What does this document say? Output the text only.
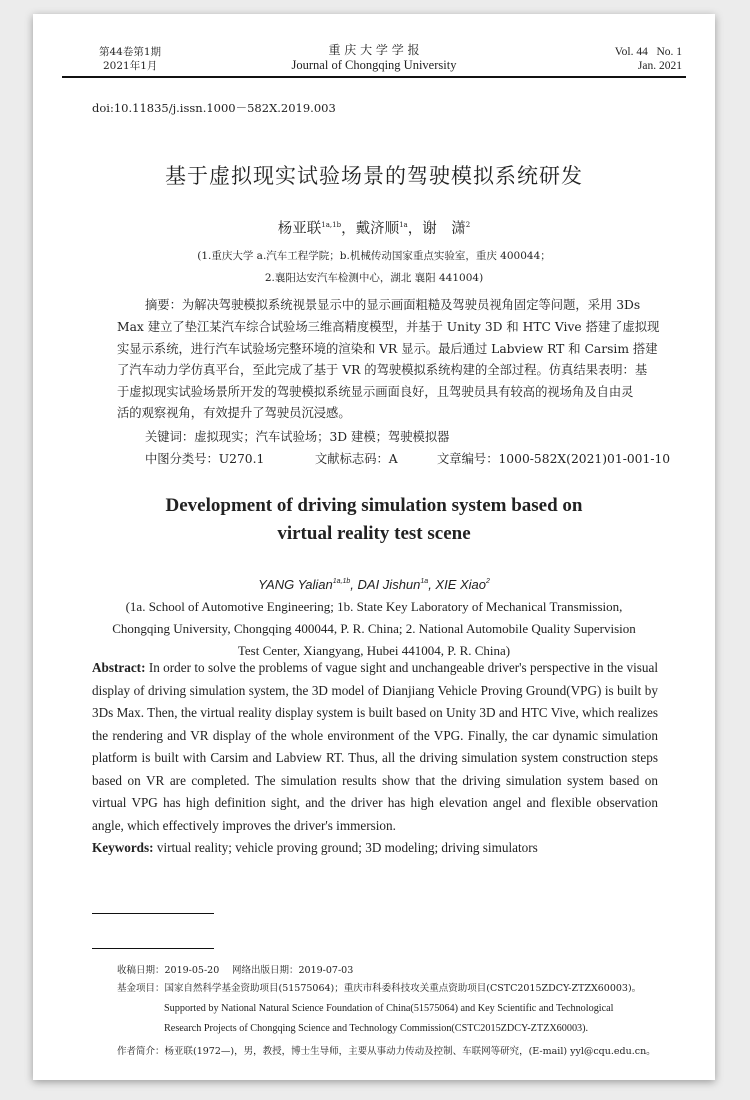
第44卷第1期
2021年1月
重 庆 大 学 学 报
Journal of Chongqing University
Vol. 44   No. 1
Jan. 2021
doi:10.11835/j.issn.1000－582X.2019.003
基于虚拟现实试验场景的驾驶模拟系统研发
杨亚联$^{1a,1b}$，戴济顺$^{1a}$，谢　潇$^2$
(1.重庆大学 a.汽车工程学院；b.机械传动国家重点实验室，重庆 400044；
2.襄阳达安汽车检测中心，湖北 襄阳 441004)
摘要：为解决驾驶模拟系统视景显示中的显示画面粗糙及驾驶员视角固定等问题，采用 3Ds
Max 建立了垫江某汽车综合试验场三维高精度模型，并基于 Unity 3D 和 HTC Vive 搭建了虚拟现
实显示系统，进行汽车试验场完整环境的渲染和 VR 显示。最后通过 Labview RT 和 Carsim 搭建
了汽车动力学仿真平台，至此完成了基于 VR 的驾驶模拟系统构建的全部过程。仿真结果表明：基
于虚拟现实试验场景所开发的驾驶模拟系统显示画面良好，且驾驶员具有较高的视场角及自由灵
活的观察视角，有效提升了驾驶员沉浸感。
关键词：虚拟现实；汽车试验场；3D 建模；驾驶模拟器
中图分类号：U270.1	文献标志码：A	文章编号：1000-582X(2021)01-001-10
Development of driving simulation system based on
virtual reality test scene
YANG Yalian$^{1a,1b}$, DAI Jishun$^{1a}$, XIE Xiao$^2$
(1a. School of Automotive Engineering; 1b. State Key Laboratory of Mechanical Transmission,
Chongqing University, Chongqing 400044, P. R. China; 2. National Automobile Quality Supervision
Test Center, Xiangyang, Hubei 441004, P. R. China)
Abstract: In order to solve the problems of vague sight and unchangeable driver's perspective in the visual
display of driving simulation system, the 3D model of Dianjiang Vehicle Proving Ground(VPG) is built by
3Ds Max. Then, the virtual reality display system is built based on Unity 3D and HTC Vive, which realizes
the rendering and VR display of the whole environment of the VPG. Finally, the car dynamic simulation
platform is built with Carsim and Labview RT. Thus, all the driving simulation system construction steps
based on VR are completed. The simulation results show that the driving simulation system based on
virtual VPG has high definition sight, and the driver has high elevation angel and flexible observation
angle, which effectively improves the driver's immersion.
Keywords: virtual reality; vehicle proving ground; 3D modeling; driving simulators
收稿日期：2019-05-20 网络出版日期：2019-07-03
基金项目：国家自然科学基金资助项目(51575064)；重庆市科委科技攻关重点资助项目(CSTC2015ZDCY-ZTZX60003)。
Supported by National Natural Science Foundation of China(51575064) and Key Scientific and Technological
Research Projects of Chongqing Science and Technology Commission(CSTC2015ZDCY-ZTZX60003).
作者简介：杨亚联(1972—)，男，教授，博士生导师，主要从事动力传动及控制、车联网等研究，(E-mail) yyl@cqu.edu.cn。
